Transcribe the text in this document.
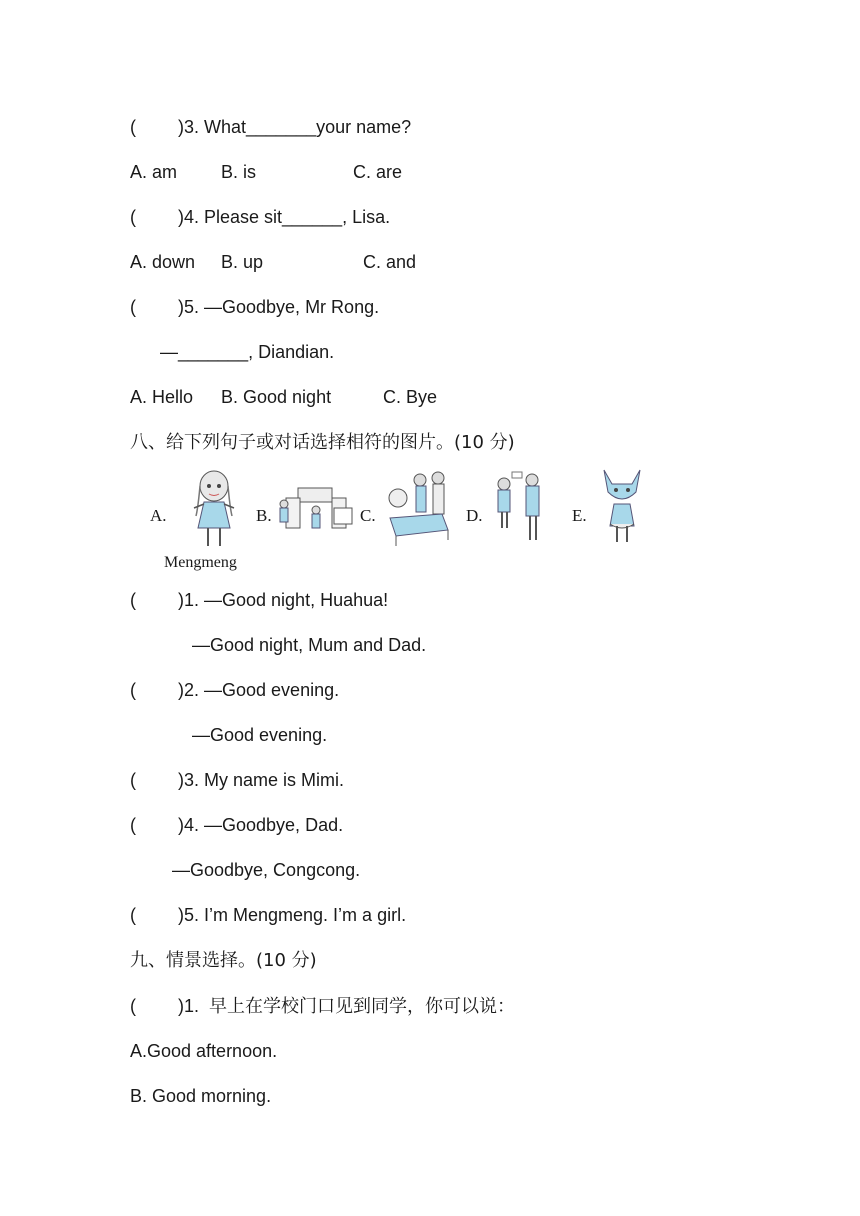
( )3. What_______your name?
A. am B. is	C. are
( )4. Please sit______, Lisa.
A. down B. up	C. and
( )5. —Goodbye, Mr Rong.
—_______, Diandian.
A. Hello B. Good night	C. Bye
八、给下列句子或对话选择相符的图片。(10 分)
A.
Mengmeng
B.	C.	D.	E.
( )1. —Good night, Huahua!
—Good night, Mum and Dad.
( )2. —Good evening.
—Good evening.
( )3. My name is Mimi.
( )4. —Goodbye, Dad.
—Goodbye, Congcong.
( )5. I’m Mengmeng. I’m a girl.
九、情景选择。(10 分)
( )1.  早上在学校门口见到同学，你可以说：
A.Good afternoon.
B. Good morning.
